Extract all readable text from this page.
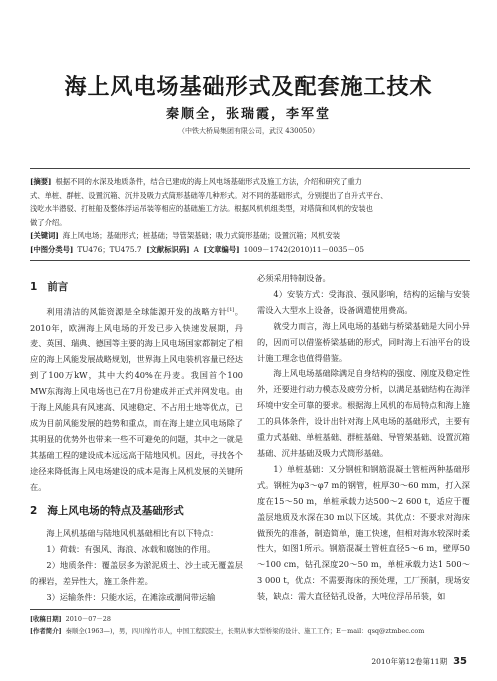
海上风电场基础形式及配套施工技术
秦顺全，张瑞霞，李军堂
（中铁大桥局集团有限公司，武汉 430050）

[摘要] 根据不同的水深及地质条件，结合已建成的海上风电场基础形式及施工方法，介绍和研究了重力

式、单桩、群桩、设置沉箱、沉井及吸力式筒形基础等几种形式。对不同的基础形式，分别提出了自升式平台、

浅吃水半潜驳、打桩船及整体浮运吊装等相应的基础施工方法。根据风机机组类型，对塔筒和风机的安装也

做了介绍。

[关键词] 海上风电场；基础形式；桩基础；导管架基础；吸力式筒形基础；设置沉箱；风机安装

[中图分类号] TU476；TU475.7 [文献标识码] A [文章编号] 1009－1742(2010)11－0035－05

1 前言

利用清洁的风能资源是全球能源开发的战略方针[1]。2010年，欧洲海上风电场的开发已步入快速发展期，丹麦、英国、瑞典、德国等主要的海上风电场国家都制定了相应的海上风能发展战略规划，世界海上风电装机容量已经达到了100万kW，其中大约40%在丹麦。我国首个100 MW东海海上风电场也已在7月份建成并正式并网发电。由于海上风能具有风速高、风速稳定、不占用土地等优点，已成为目前风能发展的趋势和重点，而在海上建立风电场除了其明显的优势外也带来一些不可避免的问题，其中之一就是其基础工程的建设成本远远高于陆地风机。因此，寻找各个途径来降低海上风电场建设的成本是海上风机发展的关键所在。

2 海上风电场的特点及基础形式

海上风机基础与陆地风机基础相比有以下特点：

1）荷载：有强风、海浪、冰载和腐蚀的作用。

2）地质条件：覆盖层多为淤泥质土、沙土或无覆盖层的裸岩，差异性大，施工条件差。

3）运输条件：只能水运，在滩涂或潮间带运输

必须采用特制设备。

4）安装方式：受海浪、强风影响，结构的运输与安装需设入大型水上设备，设备调遣使用费高。

就受力而言，海上风电场的基础与桥梁基础是大同小异的，因而可以借鉴桥梁基础的形式，同时海上石油平台的设计施工理念也值得借鉴。

海上风电场基础除满足自身结构的强度、刚度及稳定性外，还要进行动力模态及疲劳分析，以满足基础结构在海洋环境中安全可靠的要求。根据海上风机的布局特点和海上施工的具体条件，设计出针对海上风电场的基础形式，主要有重力式基础、单桩基础、群桩基础、导管架基础、设置沉箱基础、沉井基础及吸力式筒形基础。

1）单桩基础：又分钢桩和钢筋混凝土管桩两种基础形式。钢桩为φ3～φ7 m的钢管，桩厚30～60 mm，打入深度在15～50 m，单桩承载力达500～2 600 t，适应于覆盖层地质及水深在30 m以下区域。其优点：不要求对海床做预先的准备，制造简单，施工快速，但相对海水较深时柔性大，如图1所示。钢筋混凝土管桩直径5～6 m，壁厚50～100 cm，钻孔深度20～50 m，单桩承载力达1 500～3 000 t，优点：不需要海床的预处理，工厂预制，现场安装，缺点：需大直径钻孔设备，大吨位浮吊吊装，如

[收稿日期] 2010－07－28
[作者简介] 秦顺全(1963—)，男，四川绵竹市人，中国工程院院士，长期从事大型桥梁的设计、施工工作；E－mail：qsq@ztmbec.com
2010年第12卷第11期 35
